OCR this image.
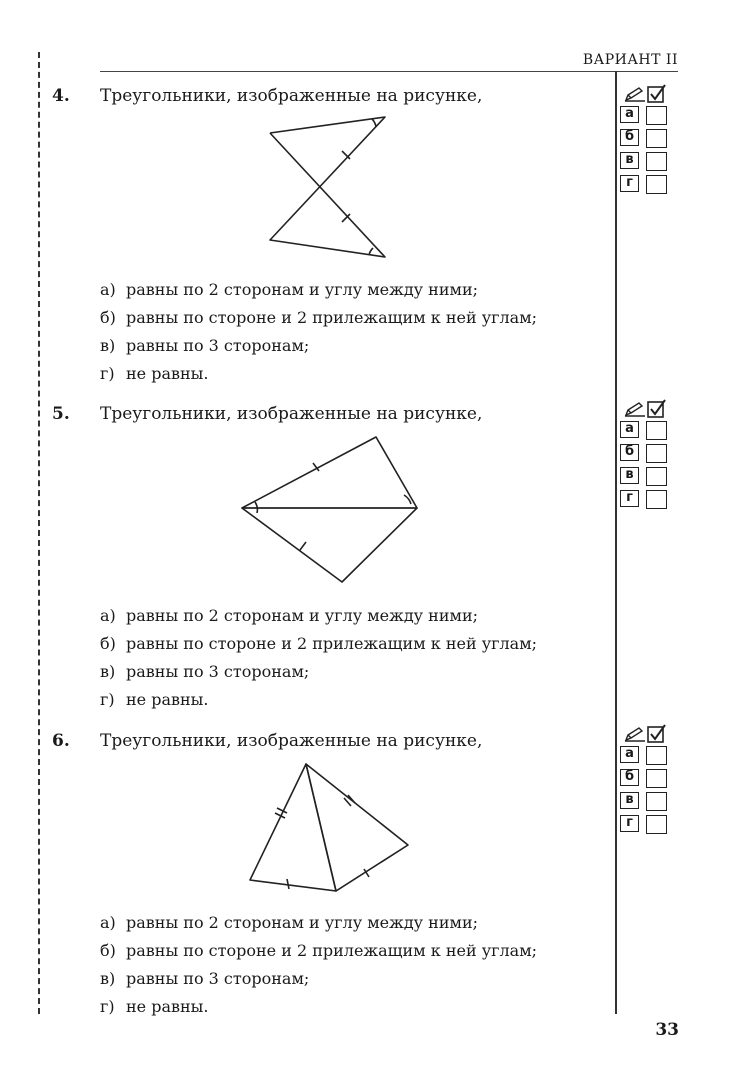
ВАРИАНТ II
4. Треугольники, изображенные на рисунке,
а) равны по 2 сторонам и углу между ними;
б) равны по стороне и 2 прилежащим к ней углам;
в) равны по 3 сторонам;
г) не равны.
а
б
в
г
5. Треугольники, изображенные на рисунке,
а) равны по 2 сторонам и углу между ними;
б) равны по стороне и 2 прилежащим к ней углам;
в) равны по 3 сторонам;
г) не равны.
а
б
в
г
6. Треугольники, изображенные на рисунке,
а) равны по 2 сторонам и углу между ними;
б) равны по стороне и 2 прилежащим к ней углам;
в) равны по 3 сторонам;
г) не равны.
а
б
в
г
33
